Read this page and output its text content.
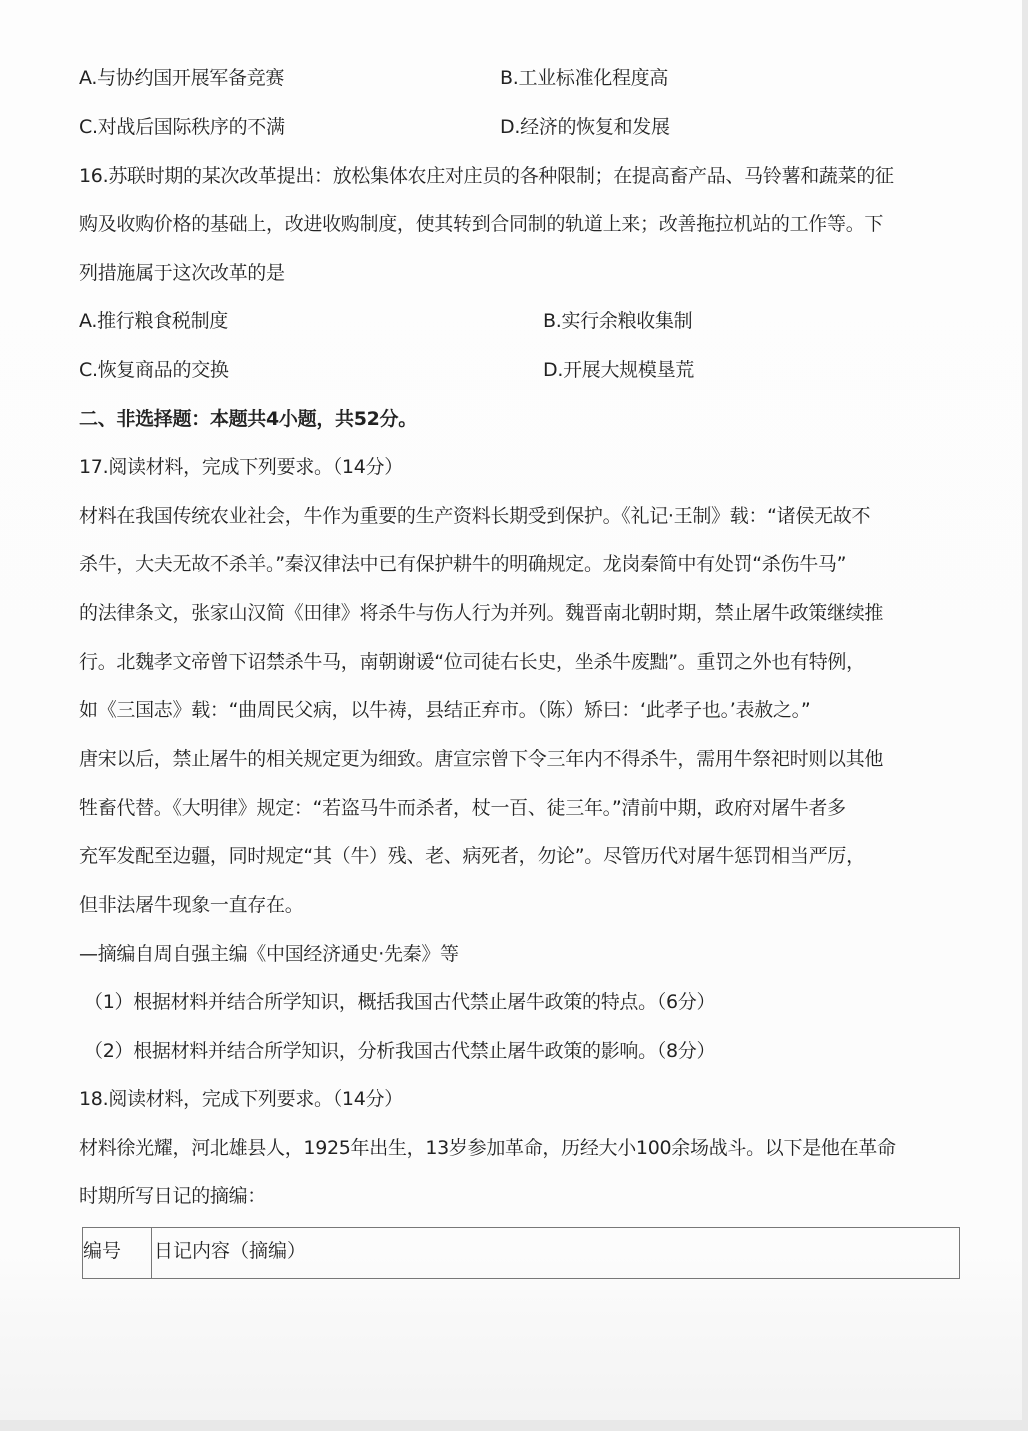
A.与协约国开展军备竞赛	B.工业标准化程度高
C.对战后国际秩序的不满	D.经济的恢复和发展
16.苏联时期的某次改革提出：放松集体农庄对庄员的各种限制；在提高畜产品、马铃薯和蔬菜的征
购及收购价格的基础上，改进收购制度，使其转到合同制的轨道上来；改善拖拉机站的工作等。下
列措施属于这次改革的是
A.推行粮食税制度	B.实行余粮收集制
C.恢复商品的交换	D.开展大规模垦荒
二、非选择题：本题共4小题，共52分。
17.阅读材料，完成下列要求。（14分）
材料在我国传统农业社会，牛作为重要的生产资料长期受到保护。《礼记·王制》载：“诸侯无故不
杀牛，大夫无故不杀羊。”秦汉律法中已有保护耕牛的明确规定。龙岗秦简中有处罚“杀伤牛马”
的法律条文，张家山汉简《田律》将杀牛与伤人行为并列。魏晋南北朝时期，禁止屠牛政策继续推
行。北魏孝文帝曾下诏禁杀牛马，南朝谢谖“位司徒右长史，坐杀牛废黜”。重罚之外也有特例，
如《三国志》载：“曲周民父病，以牛祷，县结正弃市。（陈）矫曰：‘此孝子也。’表赦之。”
唐宋以后，禁止屠牛的相关规定更为细致。唐宣宗曾下令三年内不得杀牛，需用牛祭祀时则以其他
牲畜代替。《大明律》规定：“若盗马牛而杀者，杖一百、徒三年。”清前中期，政府对屠牛者多
充军发配至边疆，同时规定“其（牛）残、老、病死者，勿论”。尽管历代对屠牛惩罚相当严厉，
但非法屠牛现象一直存在。
—摘编自周自强主编《中国经济通史·先秦》等
（1）根据材料并结合所学知识，概括我国古代禁止屠牛政策的特点。（6分）
（2）根据材料并结合所学知识，分析我国古代禁止屠牛政策的影响。（8分）
18.阅读材料，完成下列要求。（14分）
材料徐光耀，河北雄县人，1925年出生，13岁参加革命，历经大小100余场战斗。以下是他在革命
时期所写日记的摘编：
编号	日记内容（摘编）
